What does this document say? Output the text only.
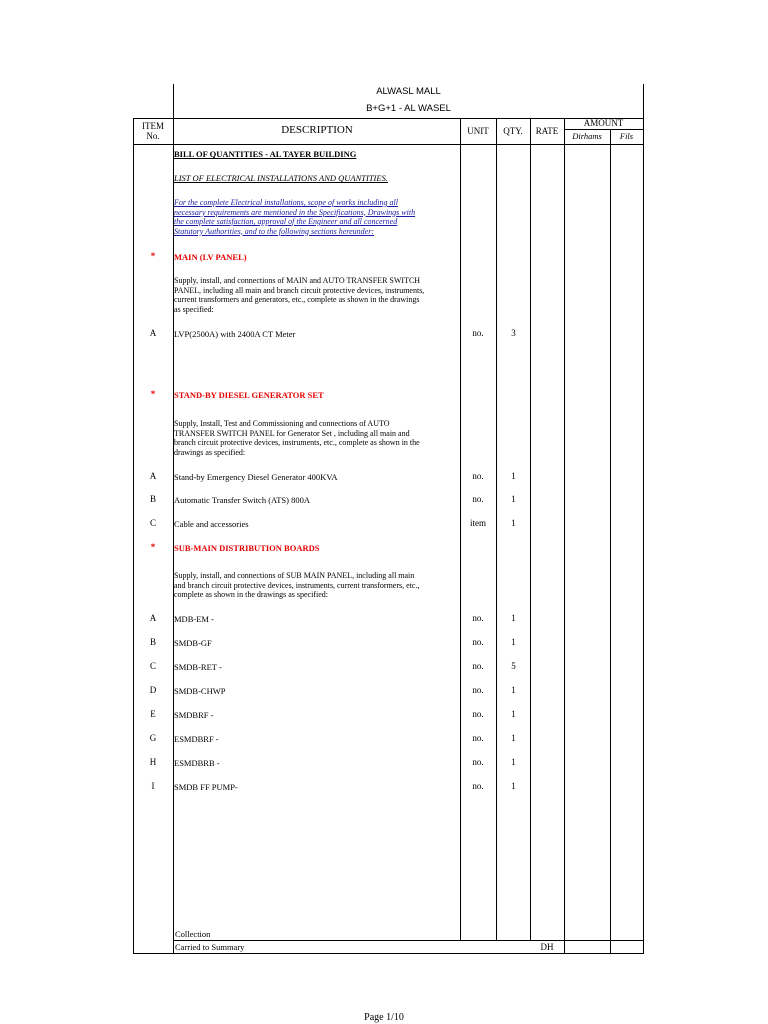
ALWASL MALL
B+G+1 - AL WASEL
ITEM
No.	DESCRIPTION	UNIT	QTY.	RATE
AMOUNT
Dirhams	Fils
BILL OF QUANTITIES - AL TAYER BUILDING
LIST OF ELECTRICAL INSTALLATIONS AND QUANTITIES.
For the complete Electrical installations, scope of works including all
necessary requirements are mentioned in the Specifications, Drawings with
the complete satisfaction, approval of the Engineer and all concerned
Statutory Authorities, and to the following sections hereunder:
*	MAIN (LV PANEL)
Supply, install, and connections of MAIN and AUTO TRANSFER SWITCH
PANEL, including all main and branch circuit protective devices, instruments,
current transformers and generators, etc., complete as shown in the drawings
as specified:
A	LVP(2500A) with 2400A CT Meter	no.	3
*	STAND-BY DIESEL GENERATOR SET
Supply, Install, Test and Commissioning and connections of AUTO
TRANSFER SWITCH PANEL for Generator Set , including all main and
branch circuit protective devices, instruments, etc., complete as shown in the
drawings as specified:
A	Stand-by Emergency Diesel Generator 400KVA	no.	1
B	Automatic Transfer Switch (ATS) 800A	no.	1
C	Cable and accessories	item	1
*	SUB-MAIN DISTRIBUTION BOARDS
Supply, install, and connections of SUB MAIN PANEL, including all main
and branch circuit protective devices, instruments, current transformers, etc.,
complete as shown in the drawings as specified:
A	MDB-EM -	no.	1
B	SMDB-GF	no.	1
C	SMDB-RET -	no.	5
D	SMDB-CHWP	no.	1
E	SMDBRF -	no.	1
G	ESMDBRF -	no.	1
H	ESMDBRB -	no.	1
I	SMDB FF PUMP-	no.	1
Collection
Carried to Summary	DH
Page 1/10
